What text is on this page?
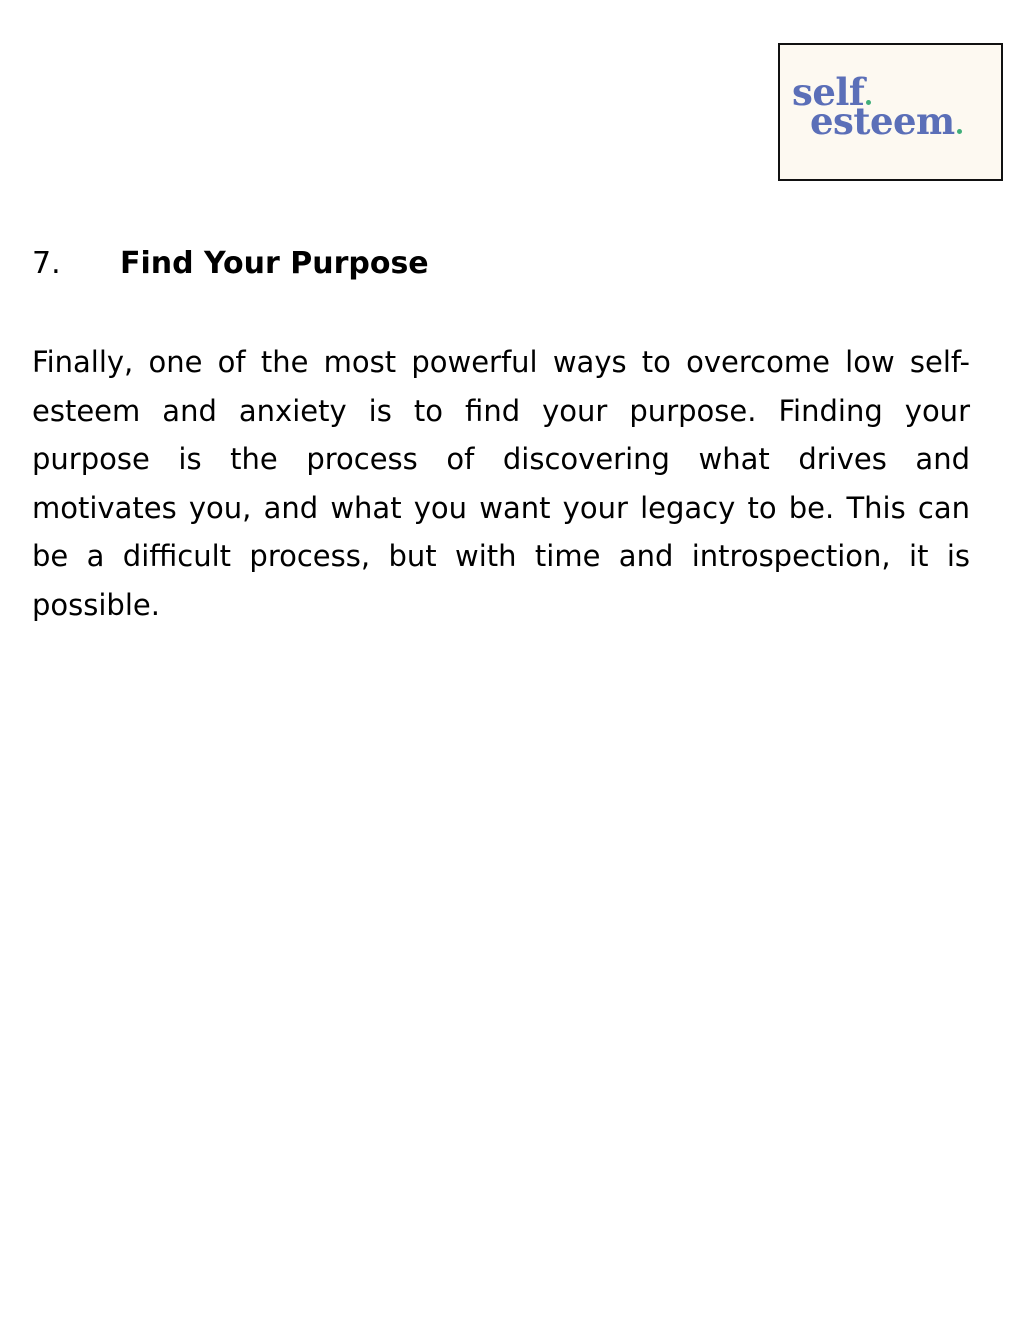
self
esteem
7. Find Your Purpose

Finally, one of the most powerful ways to overcome low self-esteem and anxiety is to find your purpose. Finding your purpose is the process of discovering what drives and motivates you, and what you want your legacy to be. This can be a difficult process, but with time and introspection, it is possible.
